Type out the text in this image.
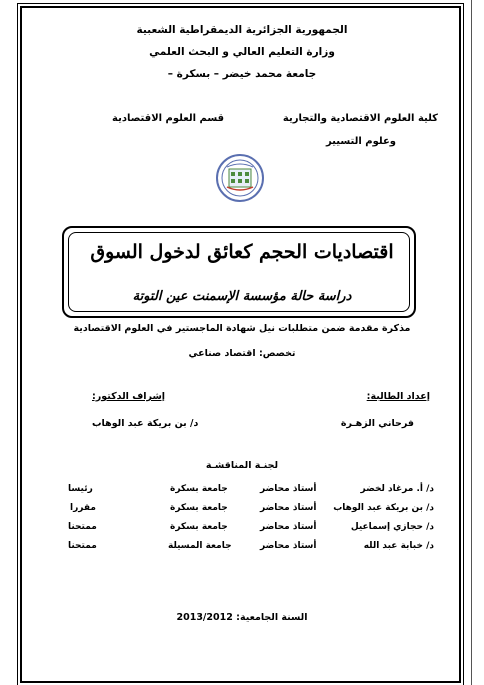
الجمهورية الجزائرية الديمقراطية الشعبية
وزارة التعليم العالي و البحث العلمي
جامعة محمد خيضر – بسكرة –
كلية العلوم الاقتصادية والتجارية
وعلوم التسيير
قسم العلوم الاقتصادية
اقتصاديات الحجم كعائق لدخول السوق
دراسة حالة مؤسسة الإسمنت عين التوتة
مذكرة مقدمة ضمن متطلبات نيل شهادة الماجستير في العلوم الاقتصادية
تخصص: اقتصاد صناعي
إعداد الطالبة:
فرحاني الزهـرة
إشراف الدكتور:
د/ بن بريكة عبد الوهاب
لجنـة المناقشـة
د/ أ. مرغاد لخضر
أستاذ محاضر
جامعة بسكرة
رئيسا
د/ بن بريكة عبد الوهاب
أستاذ محاضر
جامعة بسكرة
مقررا
د/ حجازي إسماعيل
أستاذ محاضر
جامعة بسكرة
ممتحنا
د/ خبابة عبد الله
أستاذ محاضر
جامعة المسيلة
ممتحنا
السنة الجامعية: 2013/2012
